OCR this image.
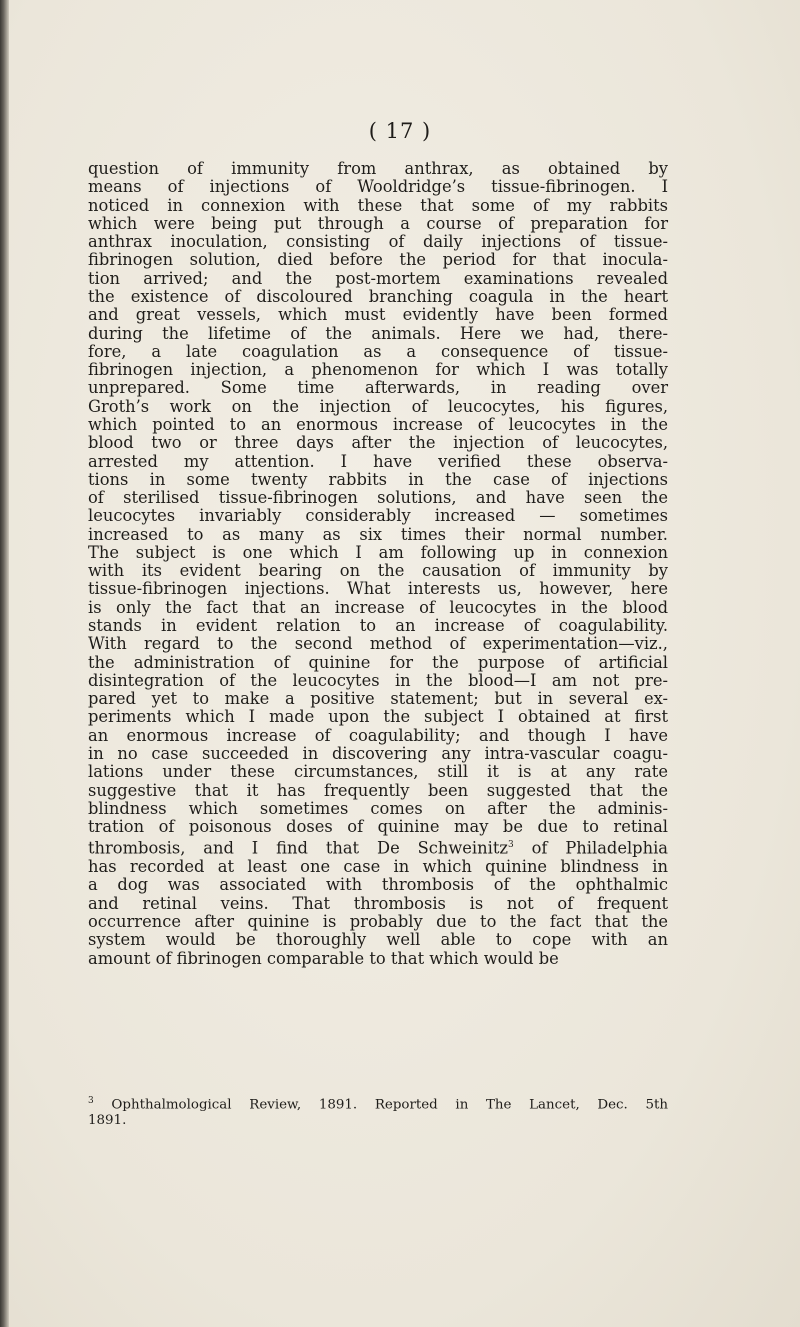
( 17 )
question of immunity from anthrax, as obtained by
means of injections of Wooldridge’s tissue-fibrinogen. I
noticed in connexion with these that some of my rabbits
which were being put through a course of preparation for
anthrax inoculation, consisting of daily injections of tissue-
fibrinogen solution, died before the period for that inocula-
tion arrived; and the post-mortem examinations revealed
the existence of discoloured branching coagula in the heart
and great vessels, which must evidently have been formed
during the lifetime of the animals. Here we had, there-
fore, a late coagulation as a consequence of tissue-
fibrinogen injection, a phenomenon for which I was totally
unprepared. Some time afterwards, in reading over
Groth’s work on the injection of leucocytes, his figures,
which pointed to an enormous increase of leucocytes in the
blood two or three days after the injection of leucocytes,
arrested my attention. I have verified these observa-
tions in some twenty rabbits in the case of injections
of sterilised tissue-fibrinogen solutions, and have seen the
leucocytes invariably considerably increased — sometimes
increased to as many as six times their normal number.
The subject is one which I am following up in connexion
with its evident bearing on the causation of immunity by
tissue-fibrinogen injections. What interests us, however, here
is only the fact that an increase of leucocytes in the blood
stands in evident relation to an increase of coagulability.
With regard to the second method of experimentation—viz.,
the administration of quinine for the purpose of artificial
disintegration of the leucocytes in the blood—I am not pre-
pared yet to make a positive statement; but in several ex-
periments which I made upon the subject I obtained at first
an enormous increase of coagulability; and though I have
in no case succeeded in discovering any intra-vascular coagu-
lations under these circumstances, still it is at any rate
suggestive that it has frequently been suggested that the
blindness which sometimes comes on after the adminis-
tration of poisonous doses of quinine may be due to retinal
thrombosis, and I find that De Schweinitz$^3$ of Philadelphia
has recorded at least one case in which quinine blindness in
a dog was associated with thrombosis of the ophthalmic
and retinal veins. That thrombosis is not of frequent
occurrence after quinine is probably due to the fact that the
system would be thoroughly well able to cope with an
amount of fibrinogen comparable to that which would be
$^3$ Ophthalmological Review, 1891. Reported in The Lancet, Dec. 5th
1891.
